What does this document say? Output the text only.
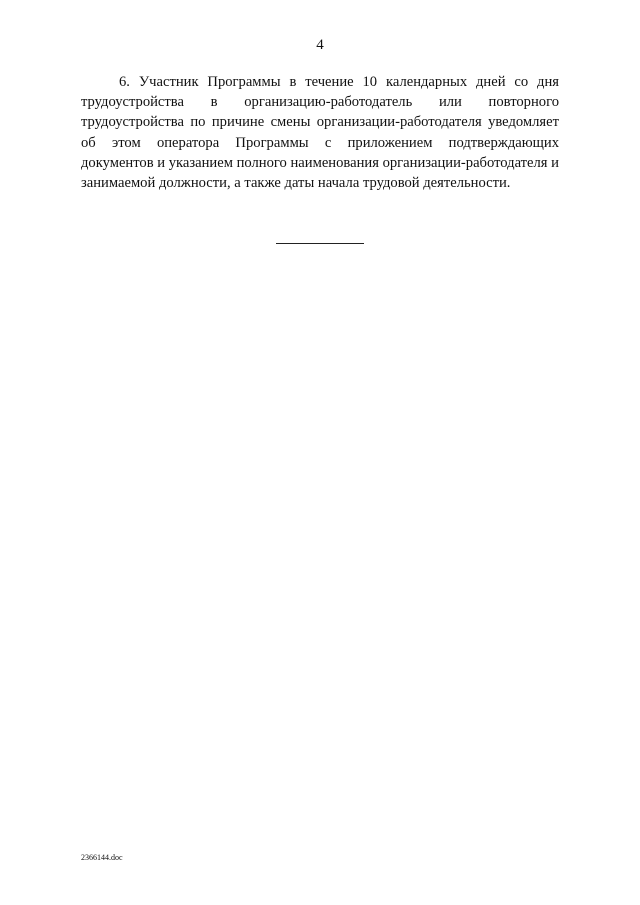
4

6. Участник Программы в течение 10 календарных дней со дня трудоустройства в организацию-работодатель или повторного трудоустройства по причине смены организации-работодателя уведомляет об этом оператора Программы с приложением подтверждающих документов и указанием полного наименования организации-работодателя и занимаемой должности, а также даты начала трудовой деятельности.

2366144.doc
